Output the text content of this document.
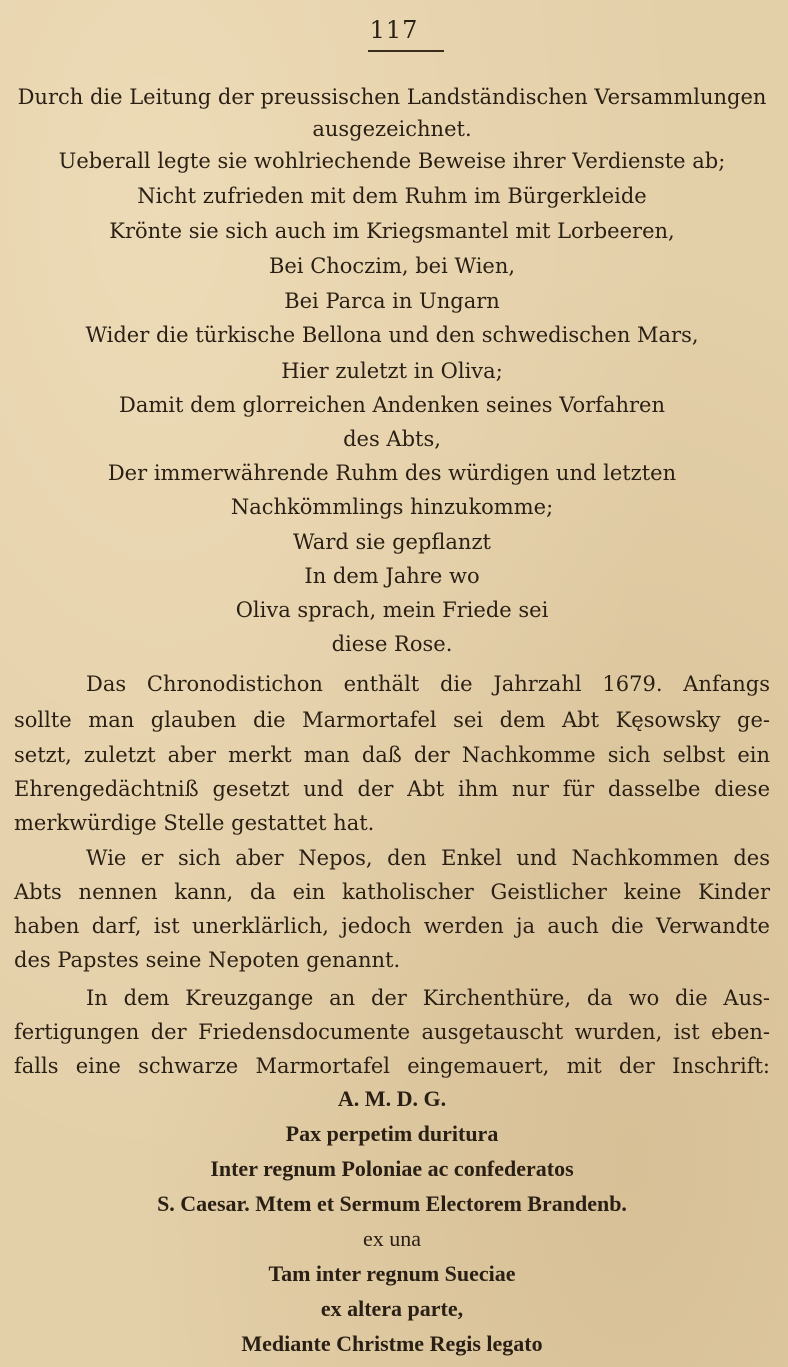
117
Durch die Leitung der preussischen Landständischen Versammlungen
ausgezeichnet.
Ueberall legte sie wohlriechende Beweise ihrer Verdienste ab;
Nicht zufrieden mit dem Ruhm im Bürgerkleide
Krönte sie sich auch im Kriegsmantel mit Lorbeeren,
Bei Choczim, bei Wien,
Bei Parca in Ungarn
Wider die türkische Bellona und den schwedischen Mars,
Hier zuletzt in Oliva;
Damit dem glorreichen Andenken seines Vorfahren
des Abts,
Der immerwährende Ruhm des würdigen und letzten
Nachkömmlings hinzukomme;
Ward sie gepflanzt
In dem Jahre wo
Oliva sprach, mein Friede sei
diese Rose.
Das Chronodistichon enthält die Jahrzahl 1679. Anfangs
sollte man glauben die Marmortafel sei dem Abt Kęsowsky ge-
setzt, zuletzt aber merkt man daß der Nachkomme sich selbst ein
Ehrengedächtniß gesetzt und der Abt ihm nur für dasselbe diese
merkwürdige Stelle gestattet hat.
Wie er sich aber Nepos, den Enkel und Nachkommen des
Abts nennen kann, da ein katholischer Geistlicher keine Kinder
haben darf, ist unerklärlich, jedoch werden ja auch die Verwandte
des Papstes seine Nepoten genannt.
In dem Kreuzgange an der Kirchenthüre, da wo die Aus-
fertigungen der Friedensdocumente ausgetauscht wurden, ist eben-
falls eine schwarze Marmortafel eingemauert, mit der Inschrift:
A. M. D. G.
Pax perpetim duritura
Inter regnum Poloniae ac confederatos
S. Caesar. Mtem et Sermum Electorem Brandenb.
ex una
Tam inter regnum Sueciae
ex altera parte,
Mediante Christme Regis legato
